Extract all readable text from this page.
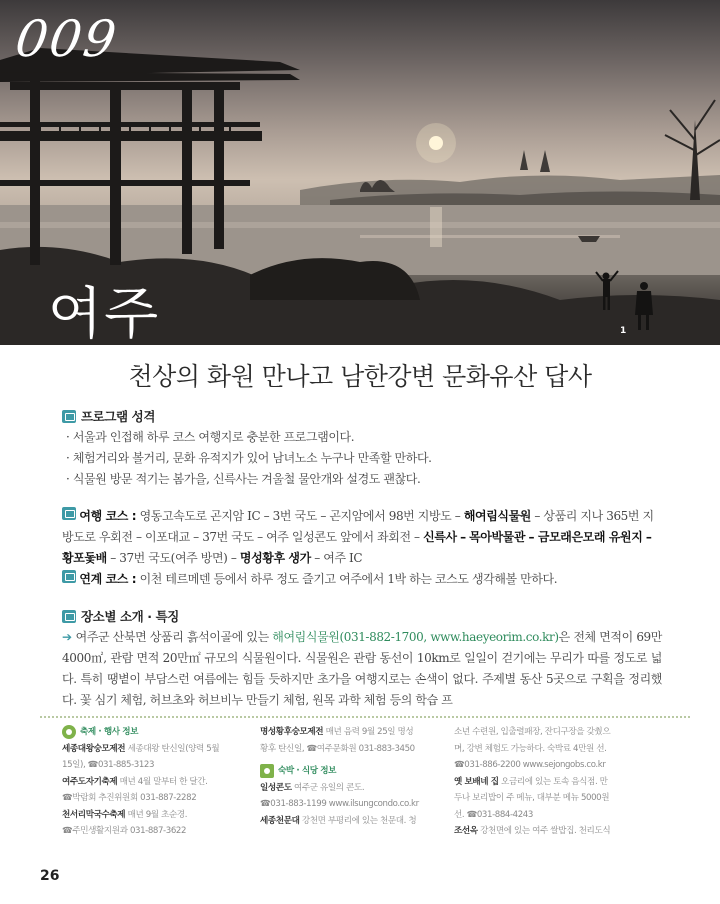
009
여주	1
천상의 화원 만나고 남한강변 문화유산 답사
프로그램 성격
· 서울과 인접해 하루 코스 여행지로 충분한 프로그램이다.
· 체험거리와 볼거리, 문화 유적지가 있어 남녀노소 누구나 만족할 만하다.
· 식물원 방문 적기는 봄가을, 신륵사는 겨울철 물안개와 설경도 괜찮다.
여행 코스 : 영동고속도로 곤지암 IC – 3번 국도 – 곤지암에서 98번 지방도 – 해여림식물원 – 상품리 지나 365번 지방도로 우회전 – 이포대교 – 37번 국도 – 여주 일성콘도 앞에서 좌회전 – 신륵사 – 목아박물관 – 금모래은모래 유원지 – 황포돛배 – 37번 국도(여주 방면) – 명성황후 생가 – 여주 IC
연계 코스 : 이천 테르메덴 등에서 하루 정도 즐기고 여주에서 1박 하는 코스도 생각해볼 만하다.
장소별 소개 · 특징
➔ 여주군 산북면 상품리 흙석이골에 있는 해여림식물원(031-882-1700, www.haeyeorim.co.kr)은 전체 면적이 69만4000㎡, 관람 면적 20만㎡ 규모의 식물원이다. 식물원은 관람 동선이 10km로 일일이 걷기에는 무리가 따를 정도로 넓다. 특히 땡볕이 부담스런 여름에는 힘들 듯하지만 초가을 여행지로는 손색이 없다. 주제별 동산 5곳으로 구획을 정리했다. 꽃 심기 체험, 허브초와 허브비누 만들기 체험, 원목 과학 체험 등의 학습 프
축제 · 행사 정보
세종대왕숭모제전 세종대왕 탄신일(양력 5월
15일), ☎031-885-3123
여주도자기축제 매년 4월 말부터 한 달간.
☎박람회 추진위원회 031-887-2282
천서리막국수축제 매년 9월 초순경.
☎주민생활지원과 031-887-3622
명성황후숭모제전 매년 음력 9월 25일 명성
황후 탄신일, ☎여주문화원 031-883-3450
숙박 · 식당 정보
일성콘도 여주군 유일의 콘도.
☎031-883-1199 www.ilsungcondo.co.kr
세종천문대 강천면 부평리에 있는 천문대. 청
소년 수련원, 입출렬패장, 잔디구장을 갖췄으
며, 강변 체험도 가능하다. 숙박료 4만원 선.
☎031-886-2200 www.sejongobs.co.kr
옛 보배네 집 오금리에 있는 토속 음식점. 만
두나 보리밥이 주 메뉴, 대부분 메뉴 5000원
선. ☎031-884-4243
조선옥 강천면에 있는 여주 쌀밥집. 천리도식
26
